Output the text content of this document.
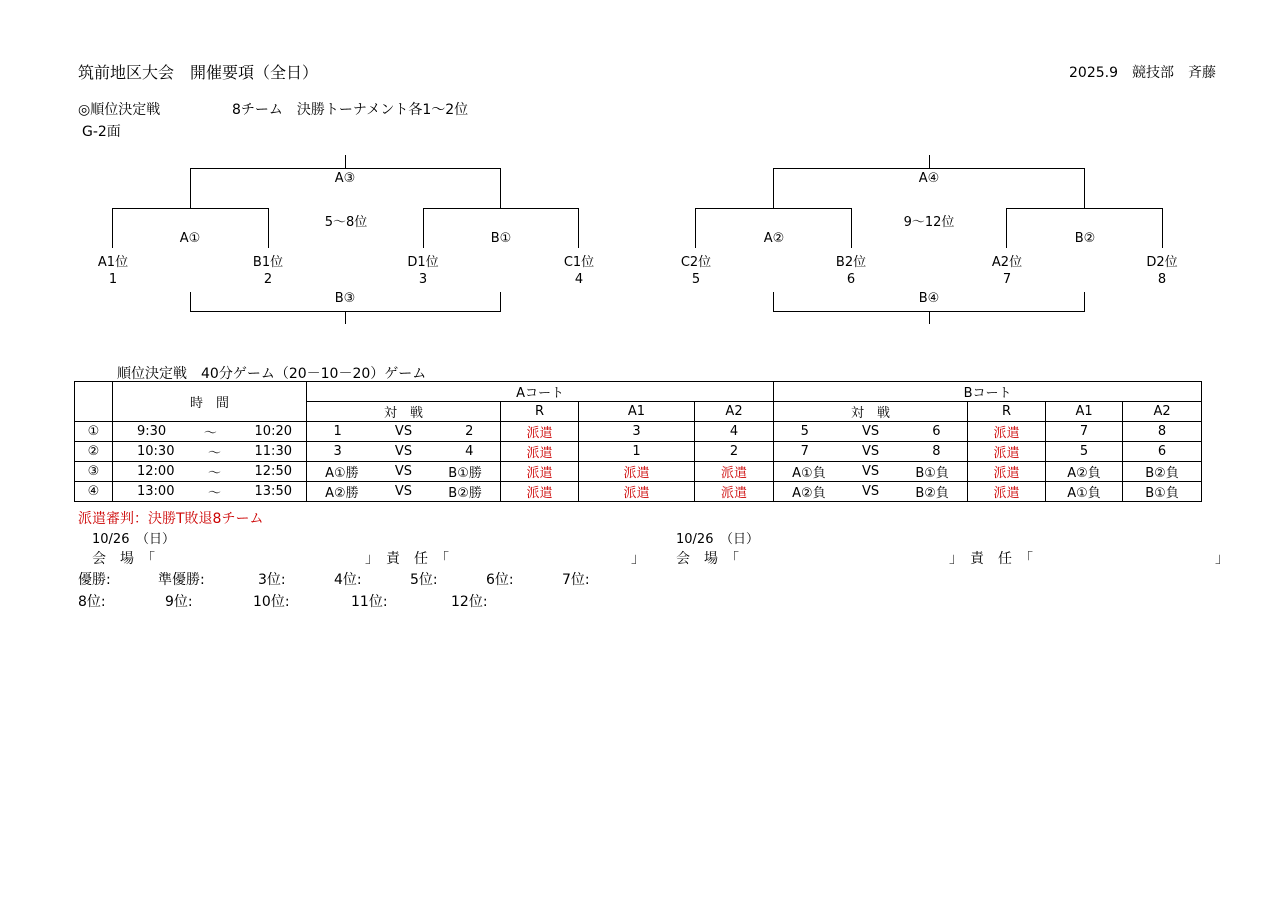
筑前地区大会　開催要項（全日）	2025.9　競技部　斉藤
◎順位決定戦	8チーム　決勝トーナメント各1～2位
G-2面
A③
5～8位
A①	B①
A1位	B1位	D1位	C1位
1	2	3	4
B③
A④
9～12位
A②	B②
C2位	B2位	A2位	D2位
5	6	7	8
B④
順位決定戦　40分ゲーム（20－10－20）ゲーム
	時　間	Aコート				Bコート			
		対　戦	R	A1	A2	対　戦	R	A1	A2
①	9:30 ～ 10:20	1 VS 2	派遣	3	4	5 VS 6	派遣	7	8
②	10:30 ～ 11:30	3 VS 4	派遣	1	2	7 VS 8	派遣	5	6
③	12:00 ～ 12:50	A①勝 VS B①勝	派遣	派遣	派遣	A①負 VS B①負	派遣	A②負	B②負
④	13:00 ～ 13:50	A②勝 VS B②勝	派遣	派遣	派遣	A②負 VS B②負	派遣	A①負	B①負
派遣審判：決勝T敗退8チーム
10/26　（日）	10/26　（日）
会　場　「　　　　　　　　　　　　　　　」　責　任　「　　　　　　　　　　　　　」 会　場　「　　　　　　　　　　　　　　　」　責　任　「　　　　　　　　　　　　　」
優勝:	準優勝:	3位:	4位:	5位:	6位:	7位:
8位:	9位:	10位:	11位:	12位:
